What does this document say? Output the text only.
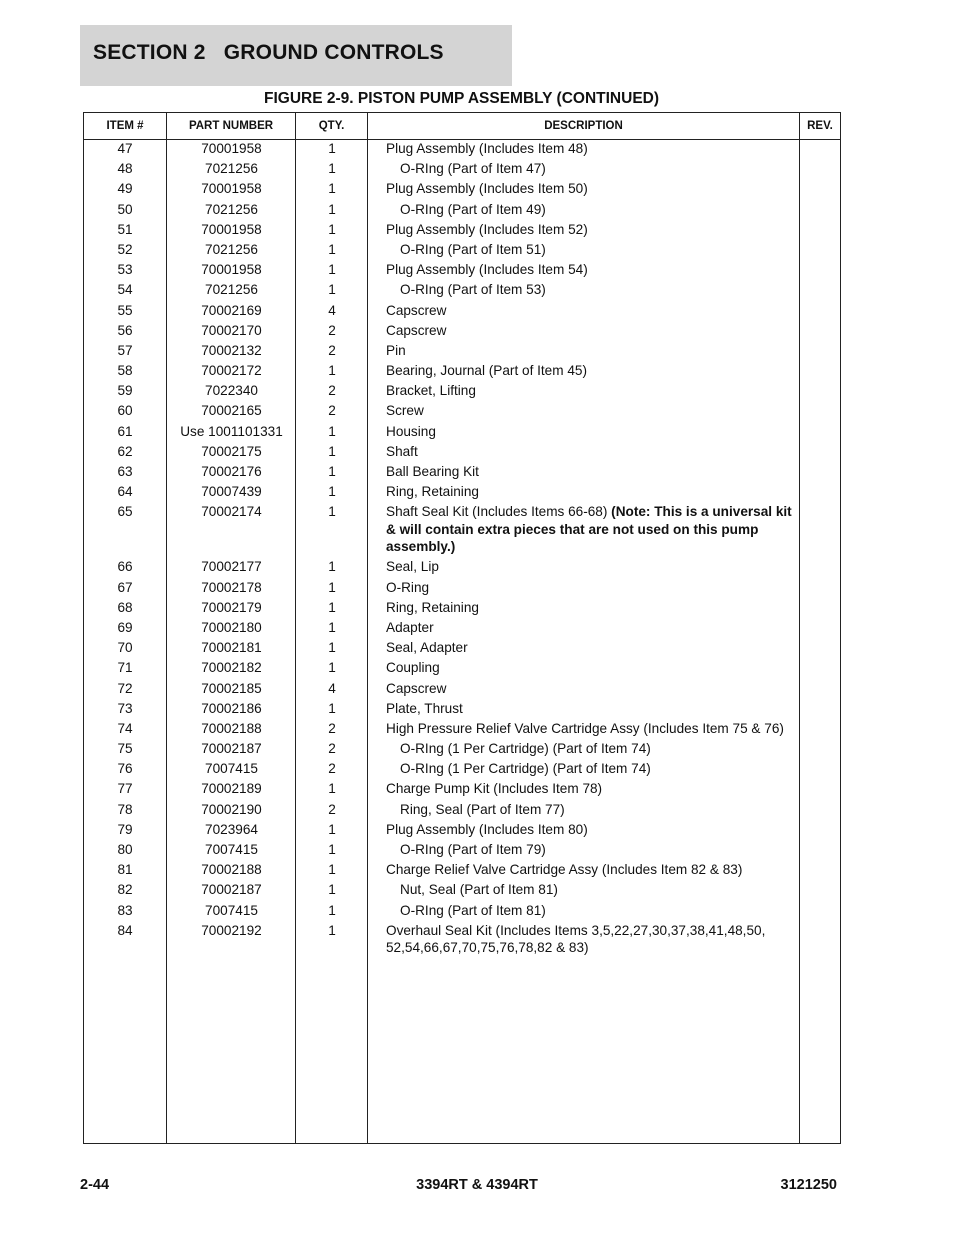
SECTION 2   GROUND CONTROLS
FIGURE 2-9. PISTON PUMP ASSEMBLY (CONTINUED)
ITEM #	PART NUMBER	QTY.	DESCRIPTION	REV.
47	70001958	1	Plug Assembly (Includes Item 48)
48	7021256	1	O-RIng (Part of Item 47)
49	70001958	1	Plug Assembly (Includes Item 50)
50	7021256	1	O-RIng (Part of Item 49)
51	70001958	1	Plug Assembly (Includes Item 52)
52	7021256	1	O-RIng (Part of Item 51)
53	70001958	1	Plug Assembly (Includes Item 54)
54	7021256	1	O-RIng (Part of Item 53)
55	70002169	4	Capscrew
56	70002170	2	Capscrew
57	70002132	2	Pin
58	70002172	1	Bearing, Journal (Part of Item 45)
59	7022340	2	Bracket, Lifting
60	70002165	2	Screw
61	Use 1001101331	1	Housing
62	70002175	1	Shaft
63	70002176	1	Ball Bearing Kit
64	70007439	1	Ring, Retaining
65	70002174	1	Shaft Seal Kit (Includes Items 66-68) (Note: This is a universal kit & will contain extra pieces that are not used on this pump assembly.)
66	70002177	1	Seal, Lip
67	70002178	1	O-Ring
68	70002179	1	Ring, Retaining
69	70002180	1	Adapter
70	70002181	1	Seal, Adapter
71	70002182	1	Coupling
72	70002185	4	Capscrew
73	70002186	1	Plate, Thrust
74	70002188	2	High Pressure Relief Valve Cartridge Assy (Includes Item 75 & 76)
75	70002187	2	O-RIng (1 Per Cartridge) (Part of Item 74)
76	7007415	2	O-RIng (1 Per Cartridge) (Part of Item 74)
77	70002189	1	Charge Pump Kit (Includes Item 78)
78	70002190	2	Ring, Seal (Part of Item 77)
79	7023964	1	Plug Assembly (Includes Item 80)
80	7007415	1	O-RIng (Part of Item 79)
81	70002188	1	Charge Relief Valve Cartridge Assy (Includes Item 82 & 83)
82	70002187	1	Nut, Seal (Part of Item 81)
83	7007415	1	O-RIng (Part of Item 81)
84	70002192	1	Overhaul Seal Kit (Includes Items 3,5,22,27,30,37,38,41,48,50, 52,54,66,67,70,75,76,78,82 & 83)
2-44	3394RT & 4394RT	3121250
